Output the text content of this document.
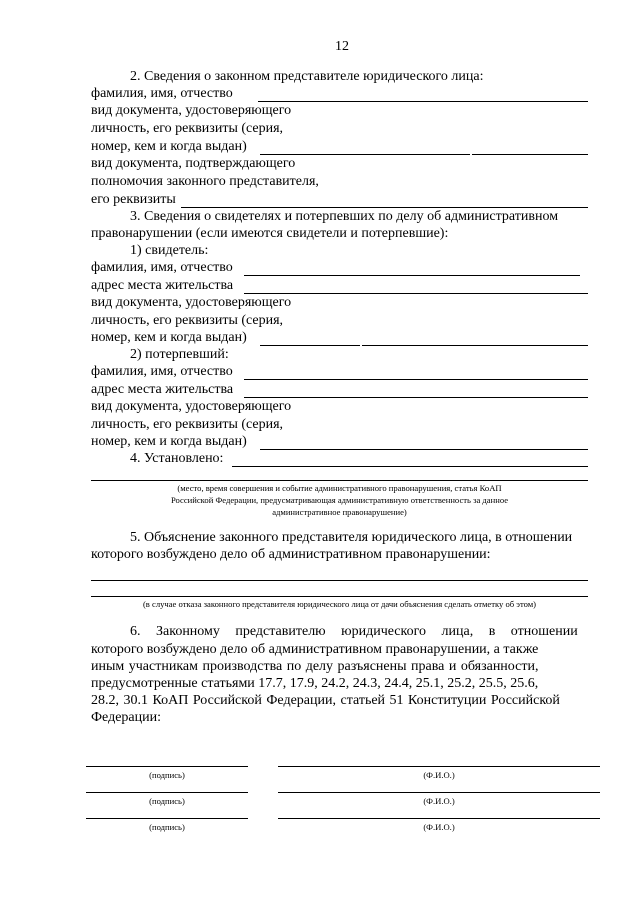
12
2. Сведения о законном представителе юридического лица:
фамилия, имя, отчество
вид документа, удостоверяющего
личность, его реквизиты (серия,
номер, кем и когда выдан)
вид документа, подтверждающего
полномочия законного представителя,
его реквизиты
3. Сведения о свидетелях и потерпевших по делу об административном
правонарушении (если имеются свидетели и потерпевшие):
1) свидетель:
фамилия, имя, отчество
адрес места жительства
вид документа, удостоверяющего
личность, его реквизиты (серия,
номер, кем и когда выдан)
2) потерпевший:
фамилия, имя, отчество
адрес места жительства
вид документа, удостоверяющего
личность, его реквизиты (серия,
номер, кем и когда выдан)
4. Установлено:
(место, время совершения и событие административного правонарушения, статья КоАП
Российской Федерации, предусматривающая административную ответственность за данное
административное правонарушение)
5. Объяснение законного представителя юридического лица, в отношении
которого возбуждено дело об административном правонарушении:
(в случае отказа законного представителя юридического лица от дачи объяснения сделать отметку об этом)
6. Законному представителю юридического лица, в отношении
которого возбуждено дело об административном правонарушении, а также
иным участникам производства по делу разъяснены права и обязанности,
предусмотренные статьями 17.7, 17.9, 24.2, 24.3, 24.4, 25.1, 25.2, 25.5, 25.6,
28.2, 30.1 КоАП Российской Федерации, статьей 51 Конституции Российской
Федерации:
(подпись)	(Ф.И.О.)
(подпись)	(Ф.И.О.)
(подпись)	(Ф.И.О.)
